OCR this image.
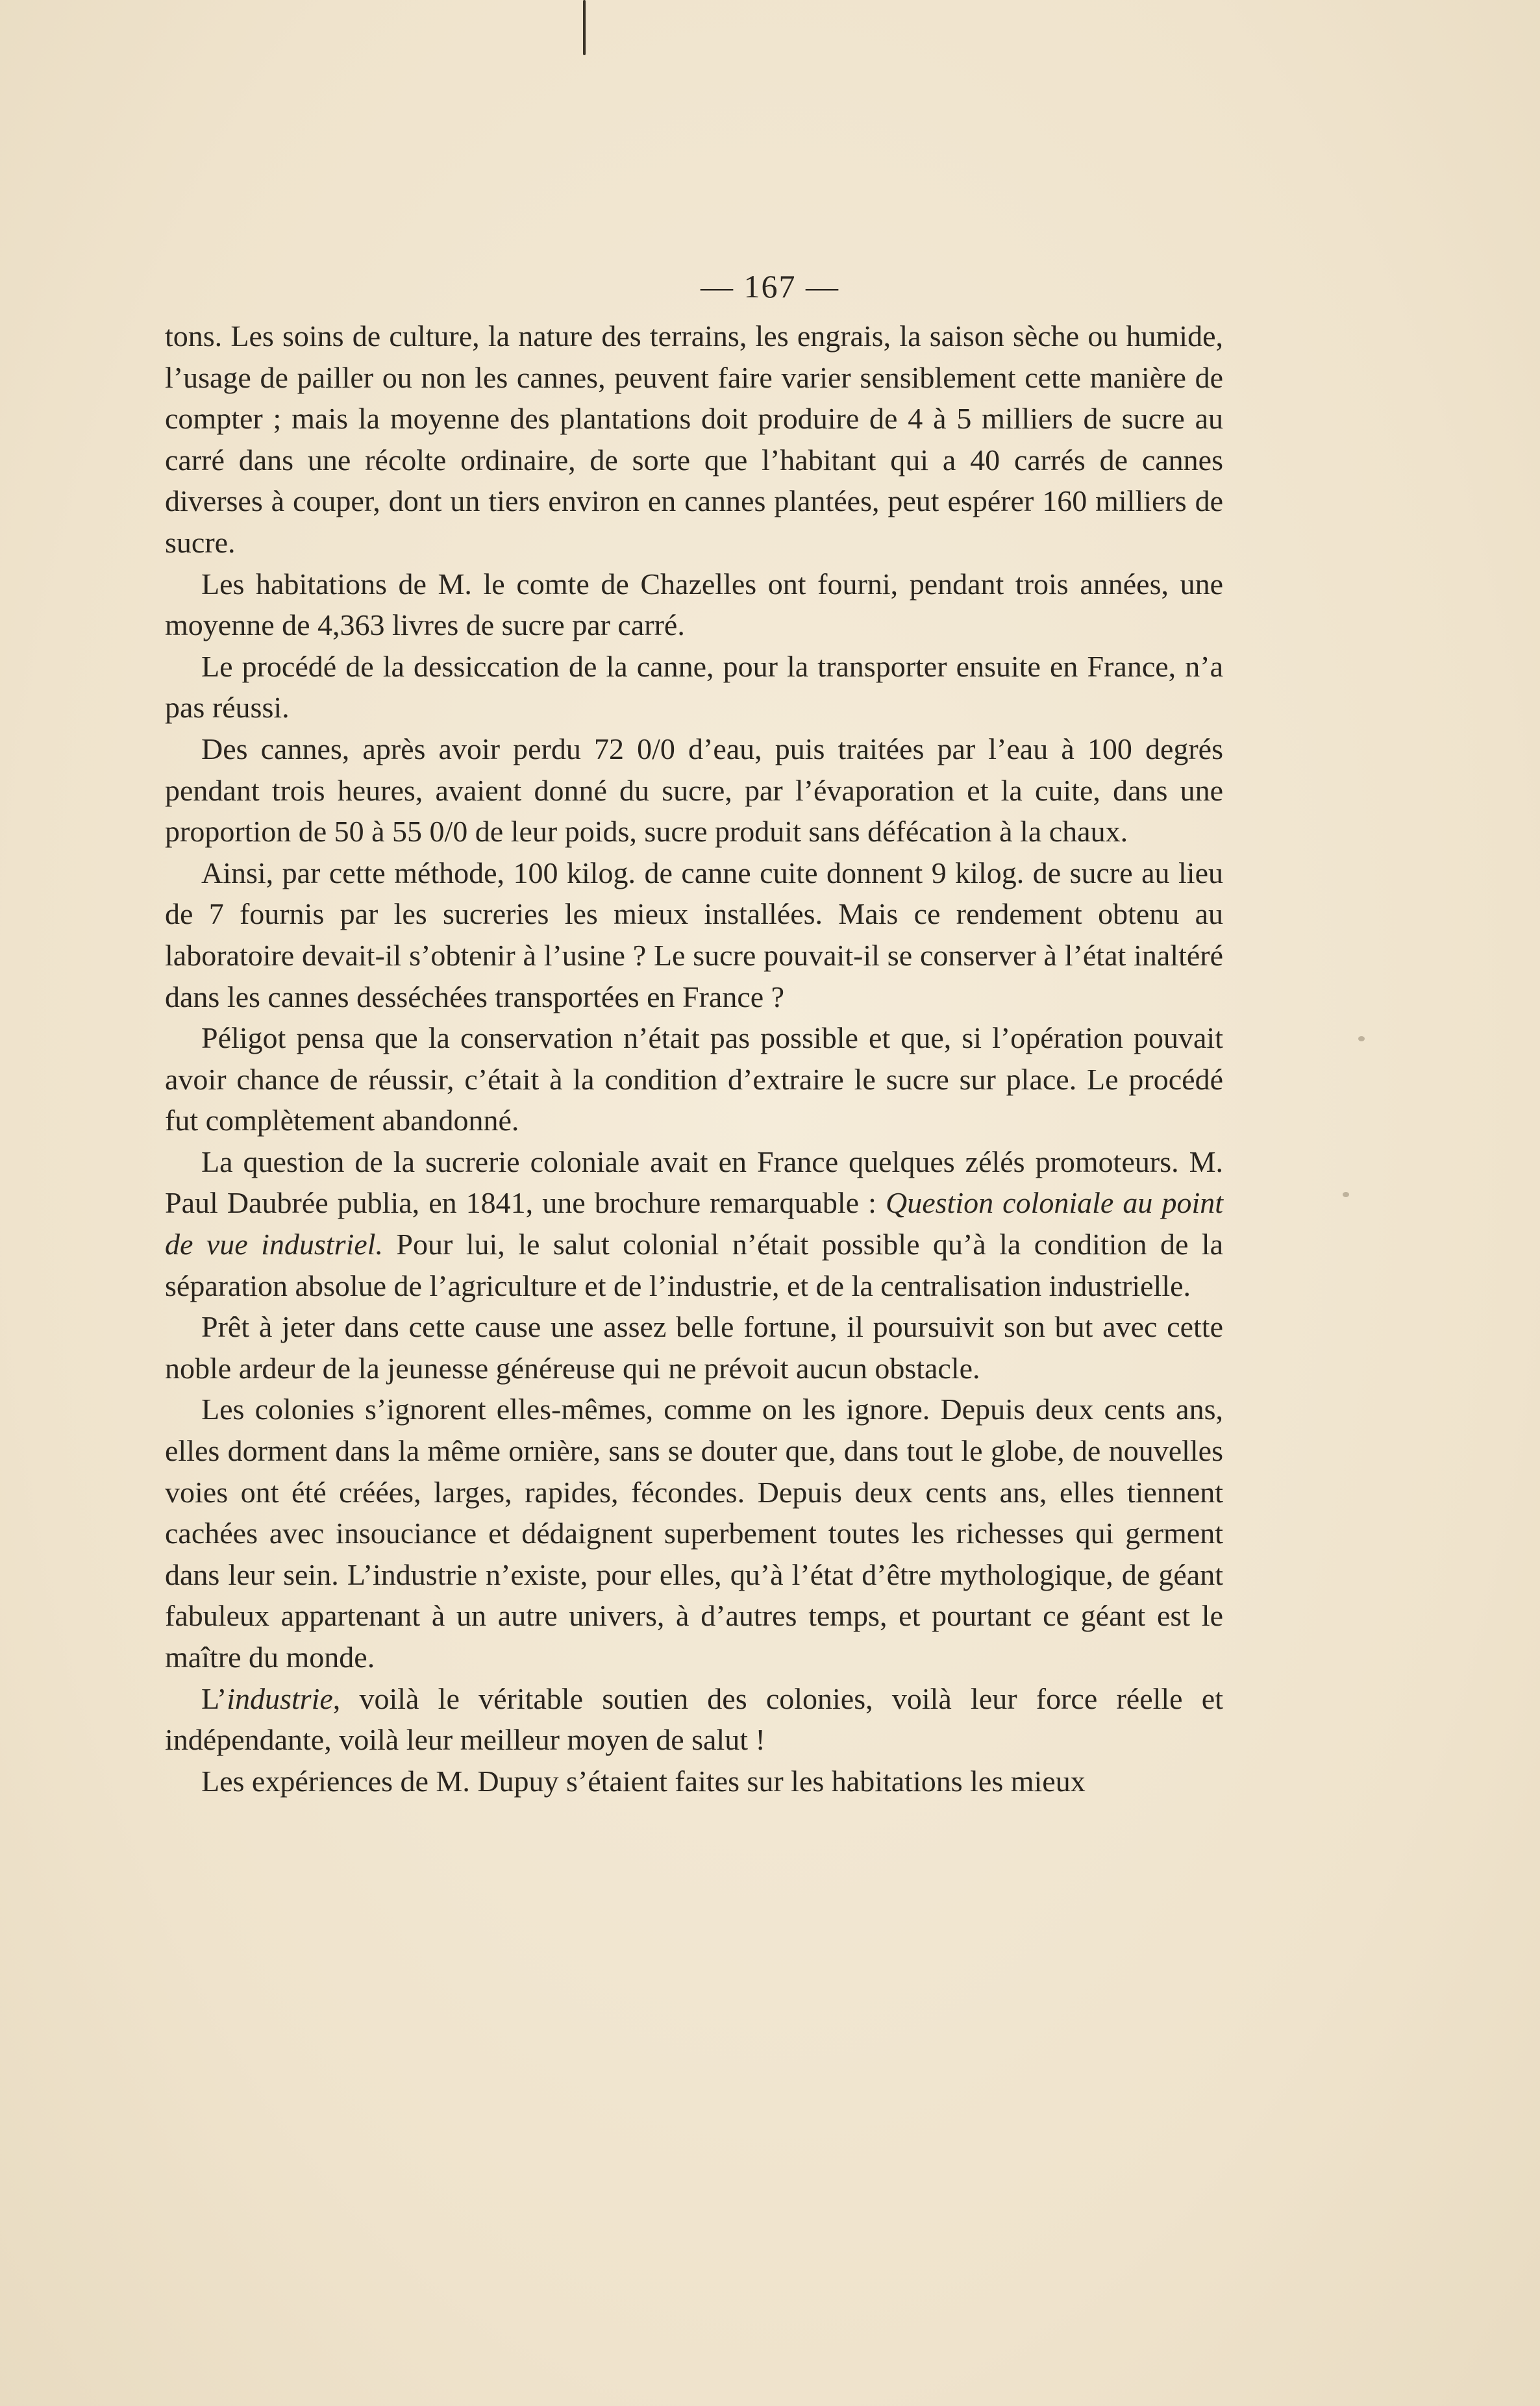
— 167 —

tons. Les soins de culture, la nature des terrains, les engrais, la saison sèche ou humide, l’usage de pailler ou non les cannes, peuvent faire varier sensiblement cette manière de compter ; mais la moyenne des plantations doit produire de 4 à 5 milliers de sucre au carré dans une récolte ordinaire, de sorte que l’habitant qui a 40 carrés de cannes diverses à couper, dont un tiers environ en cannes plantées, peut espérer 160 milliers de sucre.

Les habitations de M. le comte de Chazelles ont fourni, pendant trois années, une moyenne de 4,363 livres de sucre par carré.

Le procédé de la dessiccation de la canne, pour la transporter ensuite en France, n’a pas réussi.

Des cannes, après avoir perdu 72 0/0 d’eau, puis traitées par l’eau à 100 degrés pendant trois heures, avaient donné du sucre, par l’évaporation et la cuite, dans une proportion de 50 à 55 0/0 de leur poids, sucre produit sans défécation à la chaux.

Ainsi, par cette méthode, 100 kilog. de canne cuite donnent 9 kilog. de sucre au lieu de 7 fournis par les sucreries les mieux installées. Mais ce rendement obtenu au laboratoire devait-il s’obtenir à l’usine ? Le sucre pouvait-il se conserver à l’état inaltéré dans les cannes desséchées transportées en France ?

Péligot pensa que la conservation n’était pas possible et que, si l’opération pouvait avoir chance de réussir, c’était à la condition d’extraire le sucre sur place. Le procédé fut complètement abandonné.

La question de la sucrerie coloniale avait en France quelques zélés promoteurs. M. Paul Daubrée publia, en 1841, une brochure remarquable : Question coloniale au point de vue industriel. Pour lui, le salut colonial n’était possible qu’à la condition de la séparation absolue de l’agriculture et de l’industrie, et de la centralisation industrielle.

Prêt à jeter dans cette cause une assez belle fortune, il poursuivit son but avec cette noble ardeur de la jeunesse généreuse qui ne prévoit aucun obstacle.

Les colonies s’ignorent elles-mêmes, comme on les ignore. Depuis deux cents ans, elles dorment dans la même ornière, sans se douter que, dans tout le globe, de nouvelles voies ont été créées, larges, rapides, fécondes. Depuis deux cents ans, elles tiennent cachées avec insouciance et dédaignent superbement toutes les richesses qui germent dans leur sein. L’industrie n’existe, pour elles, qu’à l’état d’être mythologique, de géant fabuleux appartenant à un autre univers, à d’autres temps, et pourtant ce géant est le maître du monde.

L’industrie, voilà le véritable soutien des colonies, voilà leur force réelle et indépendante, voilà leur meilleur moyen de salut !

Les expériences de M. Dupuy s’étaient faites sur les habitations les mieux
